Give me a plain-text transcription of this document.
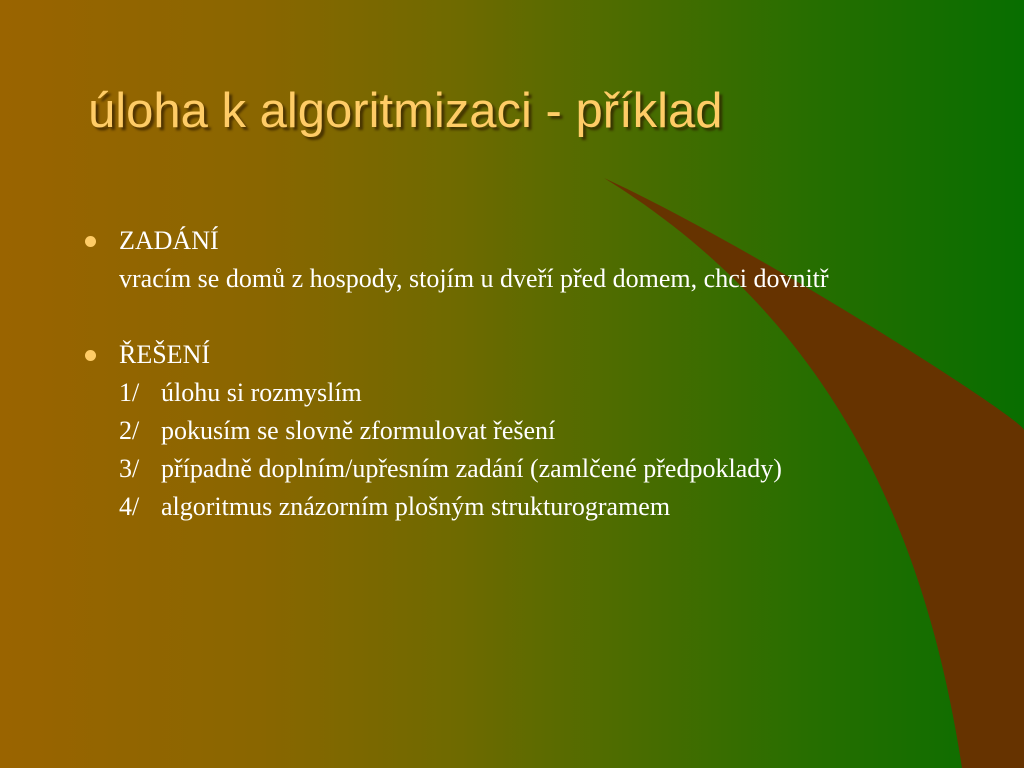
úloha k algoritmizaci - příklad
ZADÁNÍ
vracím se domů z hospody, stojím u dveří před domem, chci dovnitř
ŘEŠENÍ
1/ úlohu si rozmyslím
2/ pokusím se slovně zformulovat řešení
3/ případně doplním/upřesním zadání (zamlčené předpoklady)
4/ algoritmus znázorním plošným strukturogramem
